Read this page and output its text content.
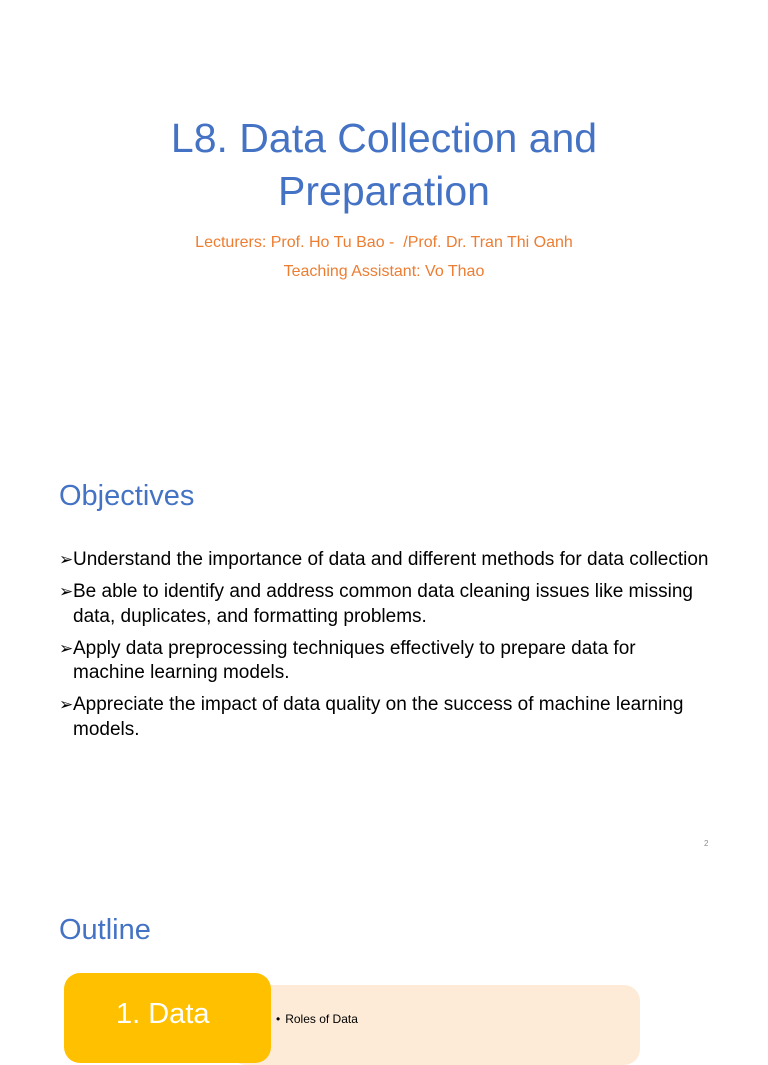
L8. Data Collection and
Preparation
Lecturers: Prof. Ho Tu Bao -  /Prof. Dr. Tran Thi Oanh
Teaching Assistant: Vo Thao
Objectives
➢ Understand the importance of data and different methods for data collection
➢ Be able to identify and address common data cleaning issues like missing data, duplicates, and formatting problems.
➢ Apply data preprocessing techniques effectively to prepare data for machine learning models.
➢ Appreciate the impact of data quality on the success of machine learning models.
2
Outline
1. Data	• Roles of Data
